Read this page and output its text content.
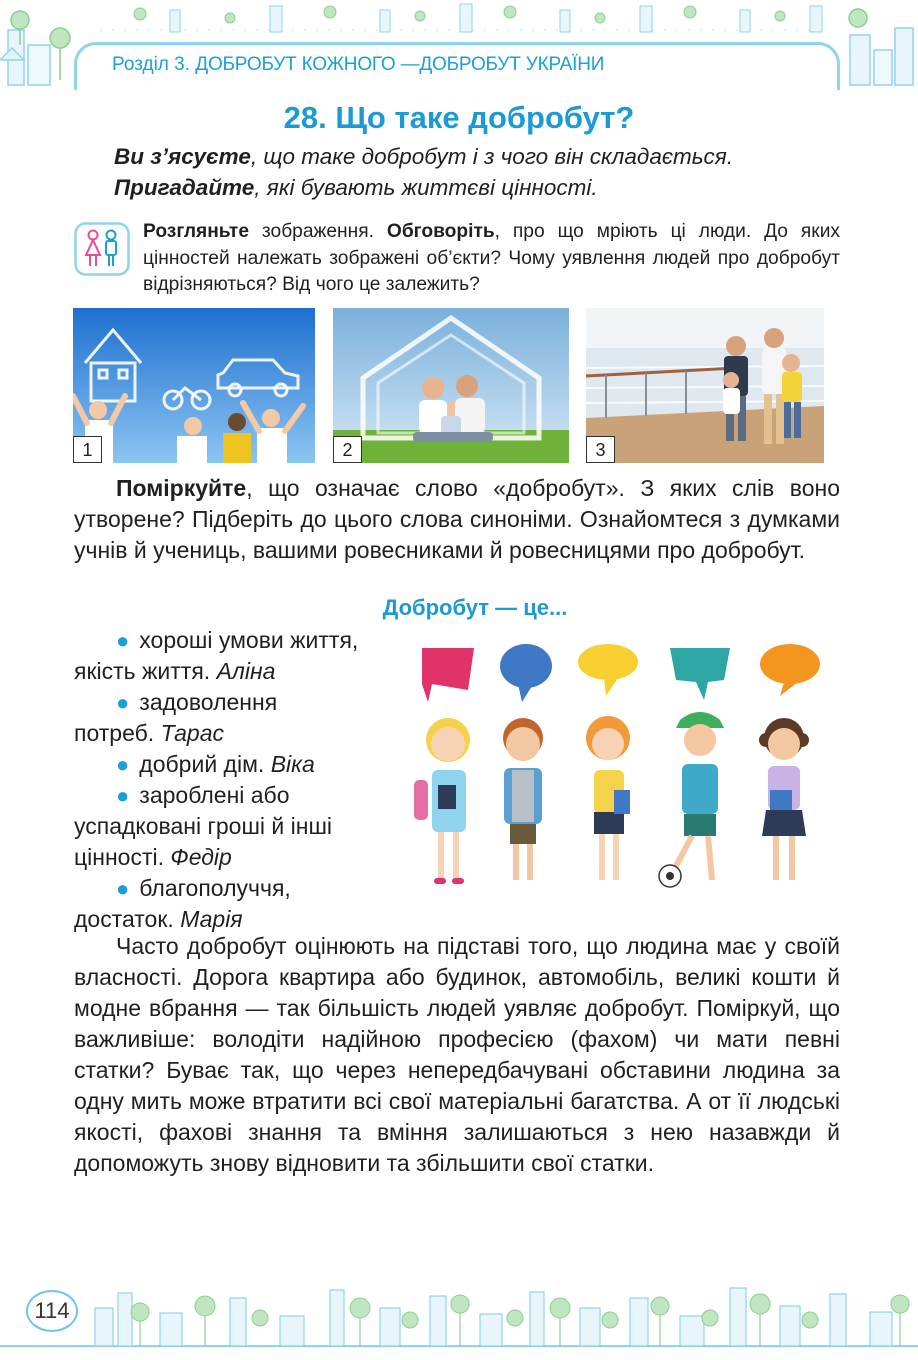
Розділ 3. ДОБРОБУТ КОЖНОГО —ДОБРОБУТ УКРАЇНИ
28. Що таке добробут?
Ви з’ясуєте, що таке добробут і з чого він складається.
Пригадайте, які бувають життєві цінності.
Розгляньте зображення. Обговоріть, про що мріють ці люди. До яких цінностей належать зображені об’єкти? Чому уявлення людей про добробут відрізняються? Від чого це залежить?
1	2	3
Поміркуйте, що означає слово «добробут». З яких слів воно утворене? Підберіть до цього слова синоніми. Ознайомтеся з думками учнів й учениць, вашими ровесниками й ровесницями про добробут.
Добробут — це...
● хороші умови життя,
якість життя. Аліна
● задоволення
потреб. Тарас
● добрий дім. Віка
● зароблені або
успадковані гроші й інші
цінності. Федір
● благополуччя,
достаток. Марія
Часто добробут оцінюють на підставі того, що людина має у своїй власності. Дорога квартира або будинок, автомобіль, великі кошти й модне вбрання — так більшість людей уявляє добробут. Поміркуй, що важливіше: володіти надійною професією (фахом) чи мати певні статки? Буває так, що через непередбачувані обставини людина за одну мить може втратити всі свої матеріальні багатства. А от її людські якості, фахові знання та вміння залишаються з нею назавжди й допоможуть знову відновити та збільшити свої статки.
114
